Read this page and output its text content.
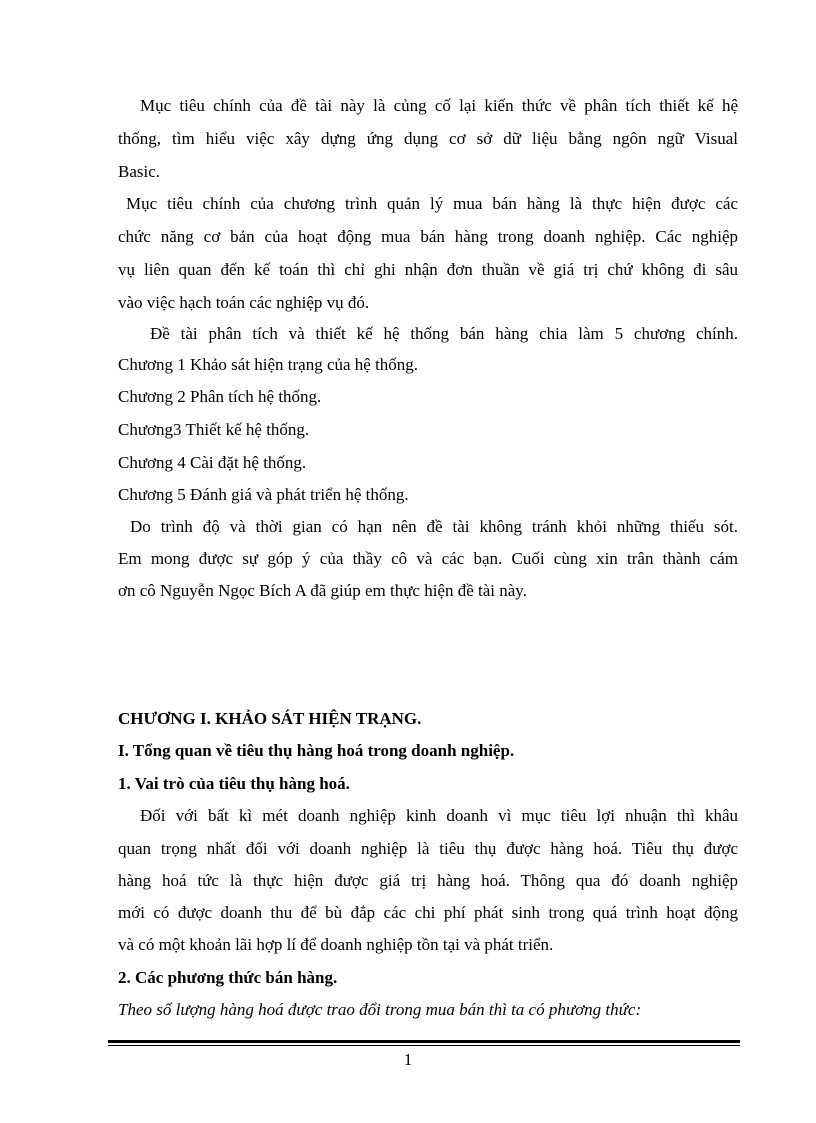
Mục tiêu chính của đề tài này là củng cố lại kiến thức về phân tích thiết kế hệ
thống, tìm hiểu việc xây dựng ứng dụng cơ sở dữ liệu bằng ngôn ngữ Visual
Basic.
Mục tiêu chính của chương trình quản lý mua bán hàng là thực hiện được các
chức năng cơ bản của hoạt động mua bán hàng trong doanh nghiệp. Các nghiệp
vụ liên quan đến kế toán thì chỉ ghi nhận đơn thuần về giá trị chứ không đi sâu
vào việc hạch toán các nghiệp vụ đó.
Đề tài phân tích và thiết kế hệ thống bán hàng chia làm 5 chương chính.
Chương 1 Khảo sát hiện trạng của hệ thống.
Chương 2 Phân tích hệ thống.
Chương3 Thiết kế hệ thống.
Chương 4 Cài đặt hệ thống.
Chương 5 Đánh giá và phát triển hệ thống.
Do trình độ và thời gian có hạn nên đề tài không tránh khỏi những thiếu sót.
Em mong được sự góp ý của thầy cô và các bạn. Cuối cùng xin trân thành cám
ơn cô Nguyễn Ngọc Bích A đã giúp em thực hiện đề tài này.
CHƯƠNG I. KHẢO SÁT HIỆN TRẠNG.
I. Tổng quan về tiêu thụ hàng hoá trong doanh nghiệp.
1. Vai trò của tiêu thụ hàng hoá.
Đối với bất kì mét doanh nghiệp kinh doanh vì mục tiêu lợi nhuận thì khâu
quan trọng nhất đối với doanh nghiệp là tiêu thụ được hàng hoá. Tiêu thụ được
hàng hoá tức là thực hiện được giá trị hàng hoá. Thông qua đó doanh nghiệp
mới có được doanh thu để bù đắp các chi phí phát sinh trong quá trình hoạt động
và có một khoản lãi hợp lí để doanh nghiệp tồn tại và phát triển.
2. Các phương thức bán hàng.
Theo số lượng hàng hoá được trao đổi trong mua bán thì ta có phương thức:
1
